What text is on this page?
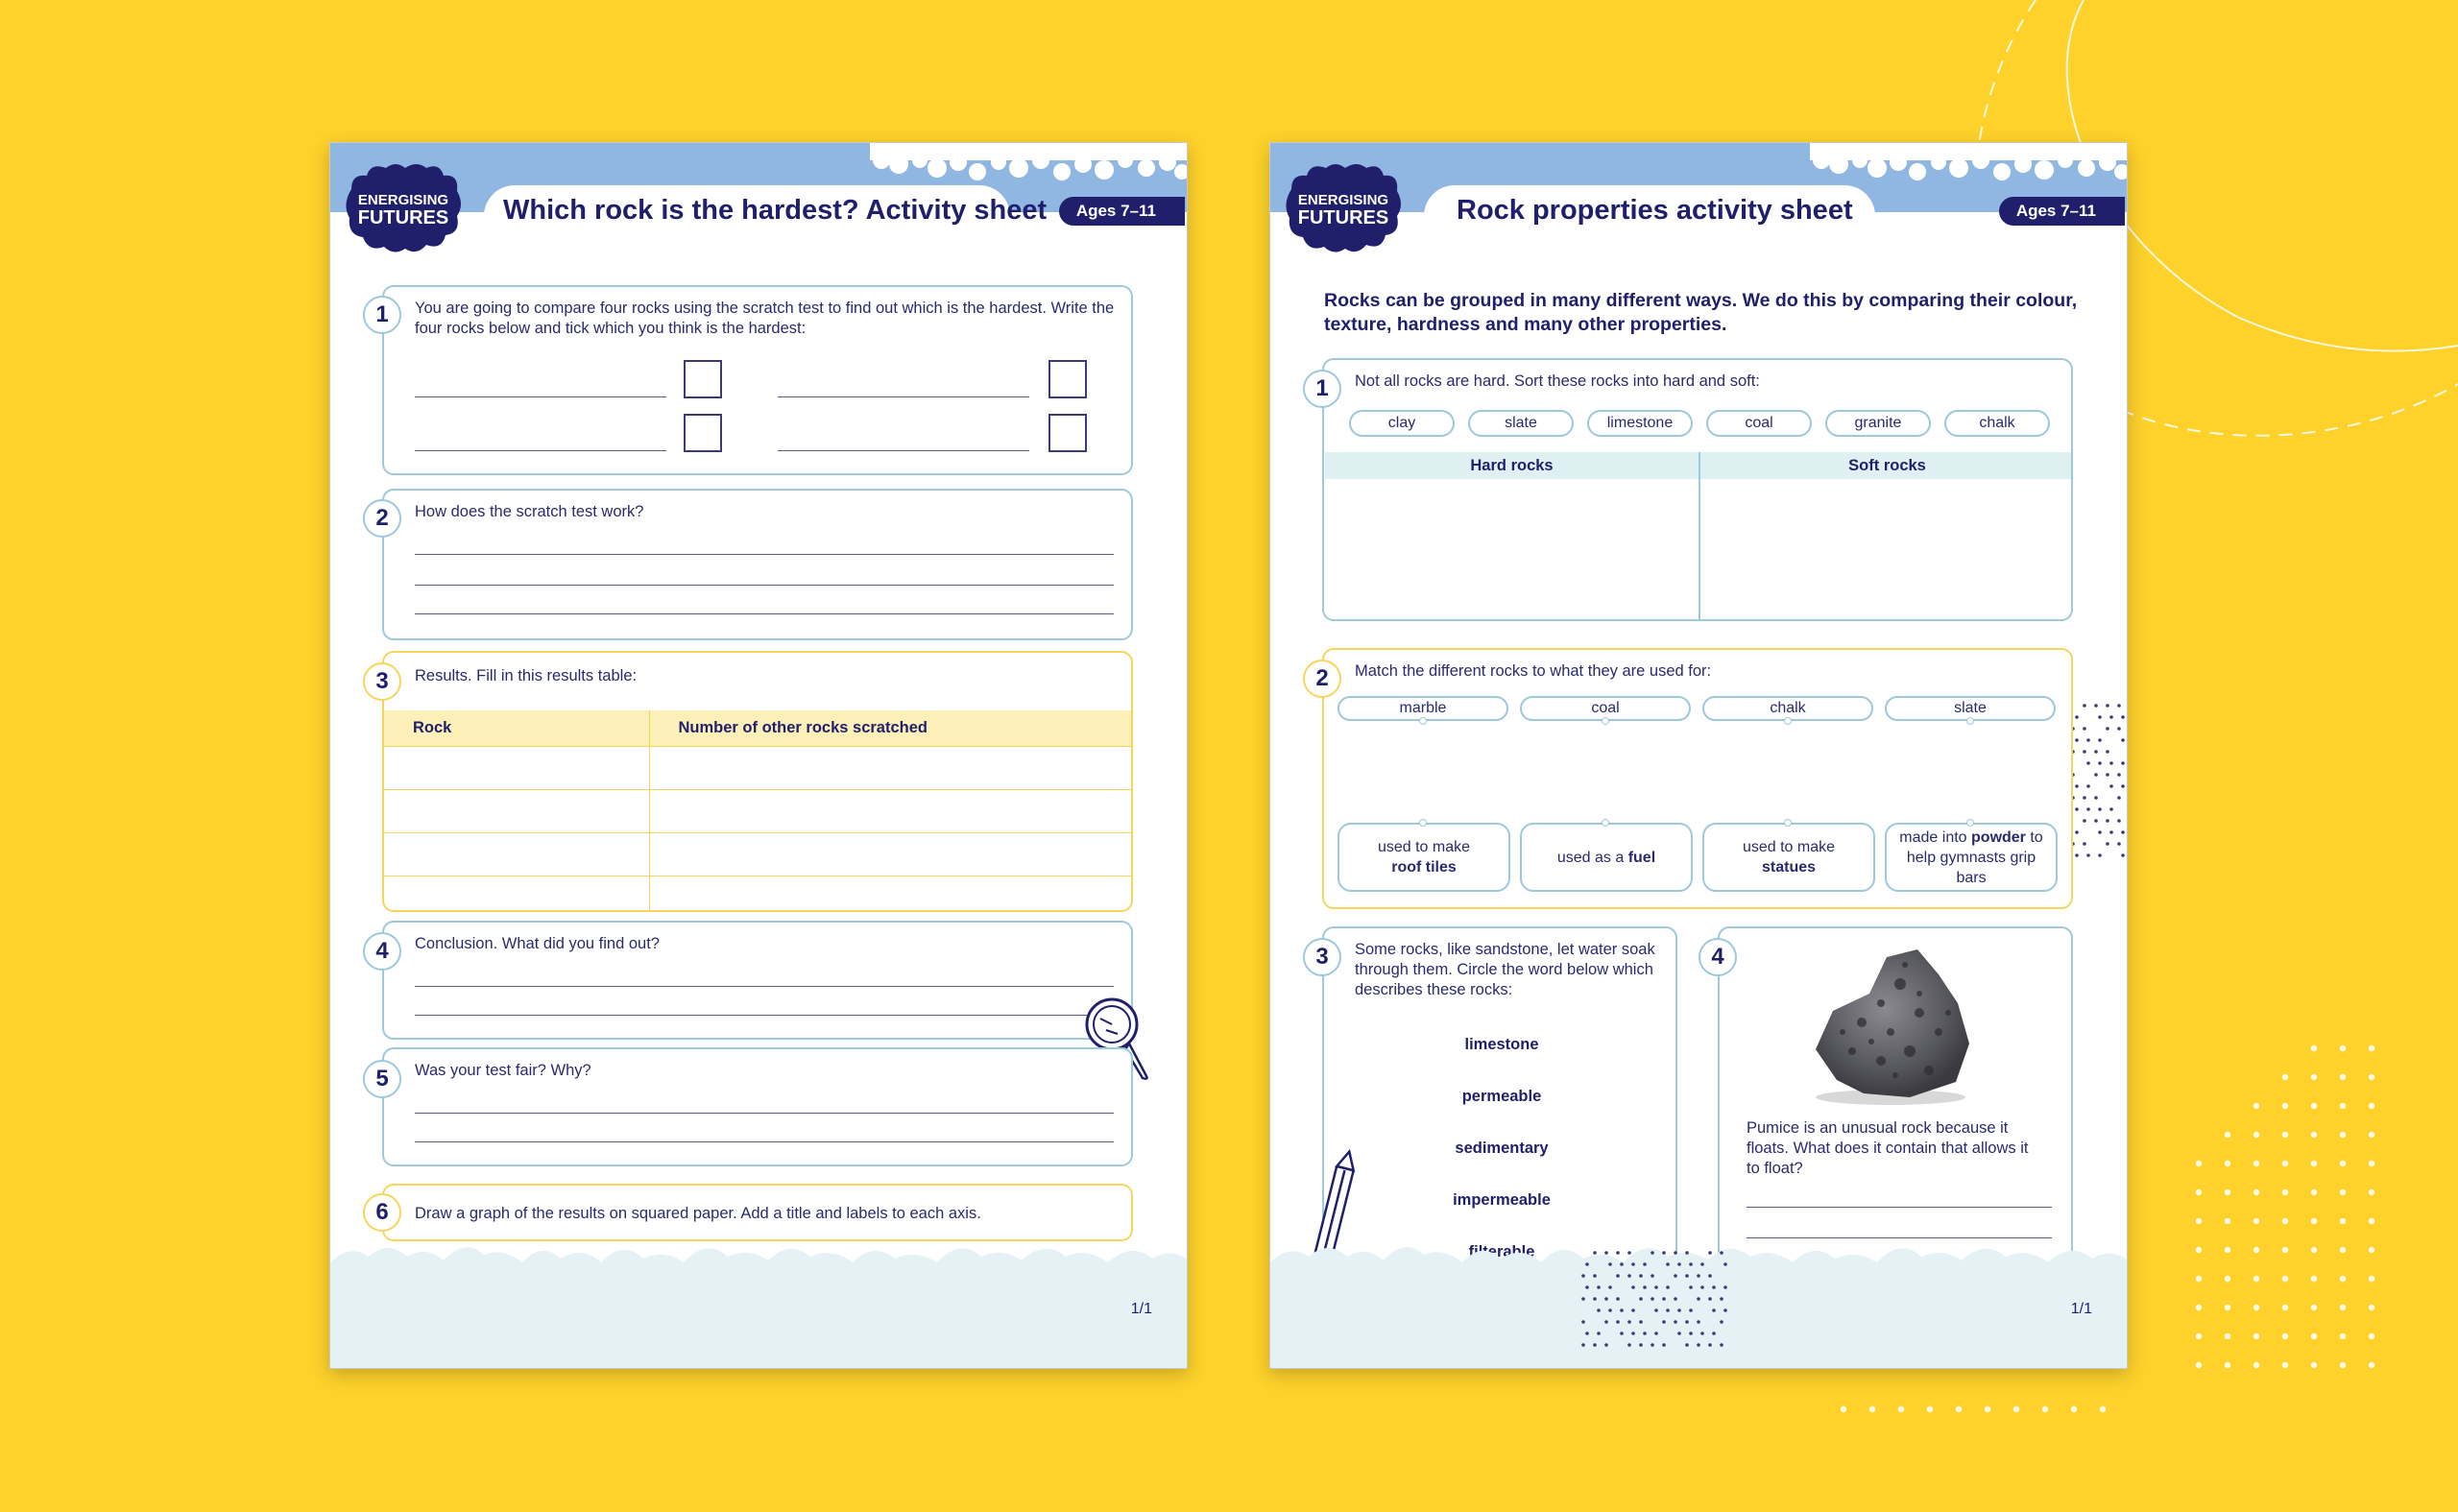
ENERGISING
FUTURES Which rock is the hardest? Activity sheet	Ages 7–11
You are going to compare four rocks using the scratch test to find out which is the hardest. Write the four rocks below and tick which you think is the hardest:
1
How does the scratch test work?
2
Results. Fill in this results table:
Rock	Number of other rocks scratched

3
Conclusion. What did you find out?
4
Was your test fair? Why?
5
Draw a graph of the results on squared paper. Add a title and labels to each axis.
6
1/1
ENERGISING
FUTURES Rock properties activity sheet	Ages 7–11
Rocks can be grouped in many different ways. We do this by comparing their colour, texture, hardness and many other properties.
Not all rocks are hard. Sort these rocks into hard and soft:
clay	slate	limestone	coal	granite	chalk
Hard rocks	Soft rocks
1
Match the different rocks to what they are used for:
marble	coal	chalk	slate
used to make
roof tiles
used as a fuel
used to make
statues
made into powder to help gymnasts grip bars
2
Some rocks, like sandstone, let water soak through them. Circle the word below which describes these rocks:
limestone
permeable
sedimentary
impermeable
filterable
3
Pumice is an unusual rock because it floats. What does it contain that allows it to float?
4
1/1
